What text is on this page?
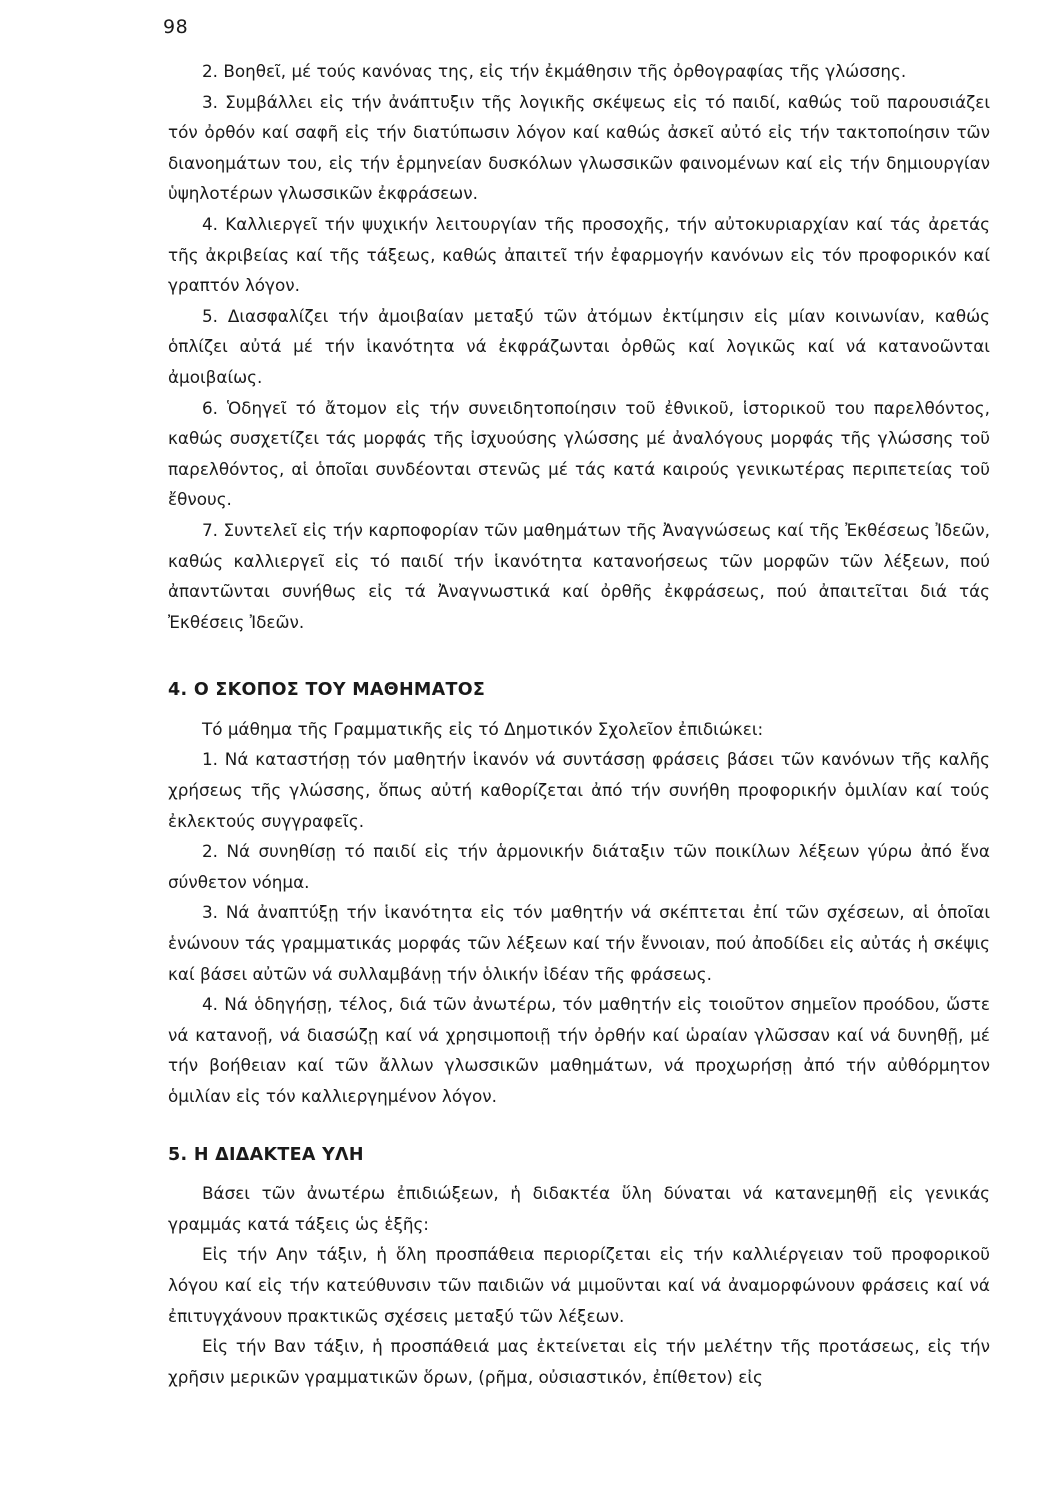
98

2. Βοηθεῖ, μέ τούς κανόνας της, εἰς τήν ἐκμάθησιν τῆς ὀρθογραφίας τῆς γλώσσης.

3. Συμβάλλει εἰς τήν ἀνάπτυξιν τῆς λογικῆς σκέψεως εἰς τό παιδί, καθώς τοῦ παρουσιάζει τόν ὀρθόν καί σαφῆ εἰς τήν διατύπωσιν λόγον καί καθώς ἀσκεῖ αὐτό εἰς τήν τακτοποίησιν τῶν διανοημάτων του, εἰς τήν ἑρμηνείαν δυσκόλων γλωσσικῶν φαινομένων καί εἰς τήν δημιουργίαν ὑψηλοτέρων γλωσσικῶν ἐκφράσεων.

4. Καλλιεργεῖ τήν ψυχικήν λειτουργίαν τῆς προσοχῆς, τήν αὐτοκυριαρχίαν καί τάς ἀρετάς τῆς ἀκριβείας καί τῆς τάξεως, καθώς ἀπαιτεῖ τήν ἐφαρμογήν κανόνων εἰς τόν προφορικόν καί γραπτόν λόγον.

5. Διασφαλίζει τήν ἀμοιβαίαν μεταξύ τῶν ἀτόμων ἐκτίμησιν εἰς μίαν κοινωνίαν, καθώς ὁπλίζει αὐτά μέ τήν ἱκανότητα νά ἐκφράζωνται ὀρθῶς καί λογικῶς καί νά κατανοῶνται ἀμοιβαίως.

6. Ὁδηγεῖ τό ἄτομον εἰς τήν συνειδητοποίησιν τοῦ ἐθνικοῦ, ἱστορικοῦ του παρελθόντος, καθώς συσχετίζει τάς μορφάς τῆς ἰσχυούσης γλώσσης μέ ἀναλόγους μορφάς τῆς γλώσσης τοῦ παρελθόντος, αἱ ὁποῖαι συνδέονται στενῶς μέ τάς κατά καιρούς γενικωτέρας περιπετείας τοῦ ἔθνους.

7. Συντελεῖ εἰς τήν καρποφορίαν τῶν μαθημάτων τῆς Ἀναγνώσεως καί τῆς Ἐκθέσεως Ἰδεῶν, καθώς καλλιεργεῖ εἰς τό παιδί τήν ἱκανότητα κατανοήσεως τῶν μορφῶν τῶν λέξεων, πού ἀπαντῶνται συνήθως εἰς τά Ἀναγνωστικά καί ὀρθῆς ἐκφράσεως, πού ἀπαιτεῖται διά τάς Ἐκθέσεις Ἰδεῶν.

4. Ο ΣΚΟΠΟΣ ΤΟΥ ΜΑΘΗΜΑΤΟΣ

Τό μάθημα τῆς Γραμματικῆς εἰς τό Δημοτικόν Σχολεῖον ἐπιδιώκει:

1. Νά καταστήσῃ τόν μαθητήν ἱκανόν νά συντάσσῃ φράσεις βάσει τῶν κανόνων τῆς καλῆς χρήσεως τῆς γλώσσης, ὅπως αὐτή καθορίζεται ἀπό τήν συνήθη προφορικήν ὁμιλίαν καί τούς ἐκλεκτούς συγγραφεῖς.

2. Νά συνηθίσῃ τό παιδί εἰς τήν ἁρμονικήν διάταξιν τῶν ποικίλων λέξεων γύρω ἀπό ἕνα σύνθετον νόημα.

3. Νά ἀναπτύξῃ τήν ἱκανότητα εἰς τόν μαθητήν νά σκέπτεται ἐπί τῶν σχέσεων, αἱ ὁποῖαι ἑνώνουν τάς γραμματικάς μορφάς τῶν λέξεων καί τήν ἔννοιαν, πού ἀποδίδει εἰς αὐτάς ἡ σκέψις καί βάσει αὐτῶν νά συλλαμβάνῃ τήν ὁλικήν ἰδέαν τῆς φράσεως.

4. Νά ὁδηγήσῃ, τέλος, διά τῶν ἀνωτέρω, τόν μαθητήν εἰς τοιοῦτον σημεῖον προόδου, ὥστε νά κατανοῇ, νά διασώζῃ καί νά χρησιμοποιῇ τήν ὀρθήν καί ὡραίαν γλῶσσαν καί νά δυνηθῇ, μέ τήν βοήθειαν καί τῶν ἄλλων γλωσσικῶν μαθημάτων, νά προχωρήσῃ ἀπό τήν αὐθόρμητον ὁμιλίαν εἰς τόν καλλιεργημένον λόγον.

5. Η ΔΙΔΑΚΤΕΑ ΥΛΗ

Βάσει τῶν ἀνωτέρω ἐπιδιώξεων, ἡ διδακτέα ὕλη δύναται νά κατανεμηθῇ εἰς γενικάς γραμμάς κατά τάξεις ὡς ἑξῆς:

Εἰς τήν Αην τάξιν, ἡ ὅλη προσπάθεια περιορίζεται εἰς τήν καλλιέργειαν τοῦ προφορικοῦ λόγου καί εἰς τήν κατεύθυνσιν τῶν παιδιῶν νά μιμοῦνται καί νά ἀναμορφώνουν φράσεις καί νά ἐπιτυγχάνουν πρακτικῶς σχέσεις μεταξύ τῶν λέξεων.

Εἰς τήν Βαν τάξιν, ἡ προσπάθειά μας ἐκτείνεται εἰς τήν μελέτην τῆς προτάσεως, εἰς τήν χρῆσιν μερικῶν γραμματικῶν ὅρων, (ρῆμα, οὐσιαστικόν, ἐπίθετον) εἰς
